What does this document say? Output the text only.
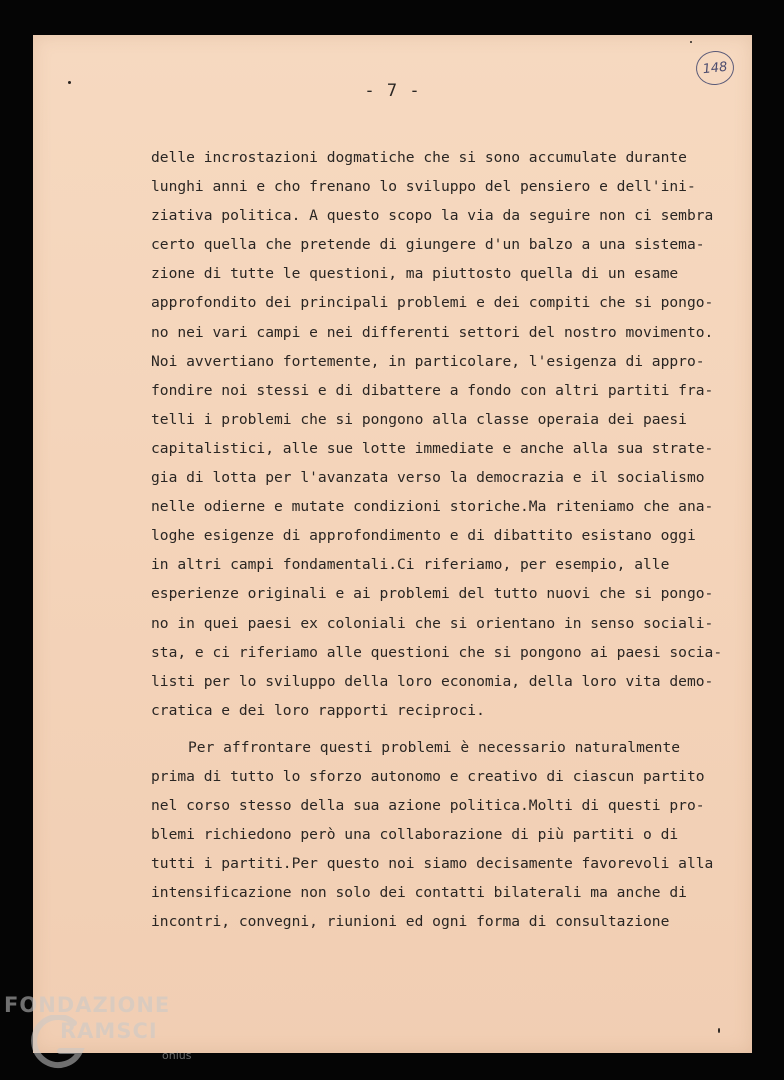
- 7 -
148
delle incrostazioni dogmatiche che si sono accumulate durante
lunghi anni e cho frenano lo sviluppo del pensiero e dell'ini-
ziativa politica. A questo scopo la via da seguire non ci sembra
certo quella che pretende di giungere d'un balzo a una sistema-
zione di tutte le questioni, ma piuttosto quella di un esame
approfondito dei principali problemi e dei compiti che si pongo-
no nei vari campi e nei differenti settori del nostro movimento.
Noi avvertiano fortemente, in particolare, l'esigenza di appro-
fondire noi stessi e di dibattere a fondo con altri partiti fra-
telli i problemi che si pongono alla classe operaia dei paesi
capitalistici, alle sue lotte immediate e anche alla sua strate-
gia di lotta per l'avanzata verso la democrazia e il socialismo
nelle odierne e mutate condizioni storiche.Ma riteniamo che ana-
loghe esigenze di approfondimento e di dibattito esistano oggi
in altri campi fondamentali.Ci riferiamo, per esempio, alle
esperienze originali e ai problemi del tutto nuovi che si pongo-
no in quei paesi ex coloniali che si orientano in senso sociali-
sta, e ci riferiamo alle questioni che si pongono ai paesi socia-
listi per lo sviluppo della loro economia, della loro vita demo-
cratica e dei loro rapporti reciproci.
Per affrontare questi problemi è necessario naturalmente
prima di tutto lo sforzo autonomo e creativo di ciascun partito
nel corso stesso della sua azione politica.Molti di questi pro-
blemi richiedono però una collaborazione di più partiti o di
tutti i partiti.Per questo noi siamo decisamente favorevoli alla
intensificazione non solo dei contatti bilaterali ma anche di
incontri, convegni, riunioni ed ogni forma di consultazione
FONDAZIONE
RAMSCI
onlus
